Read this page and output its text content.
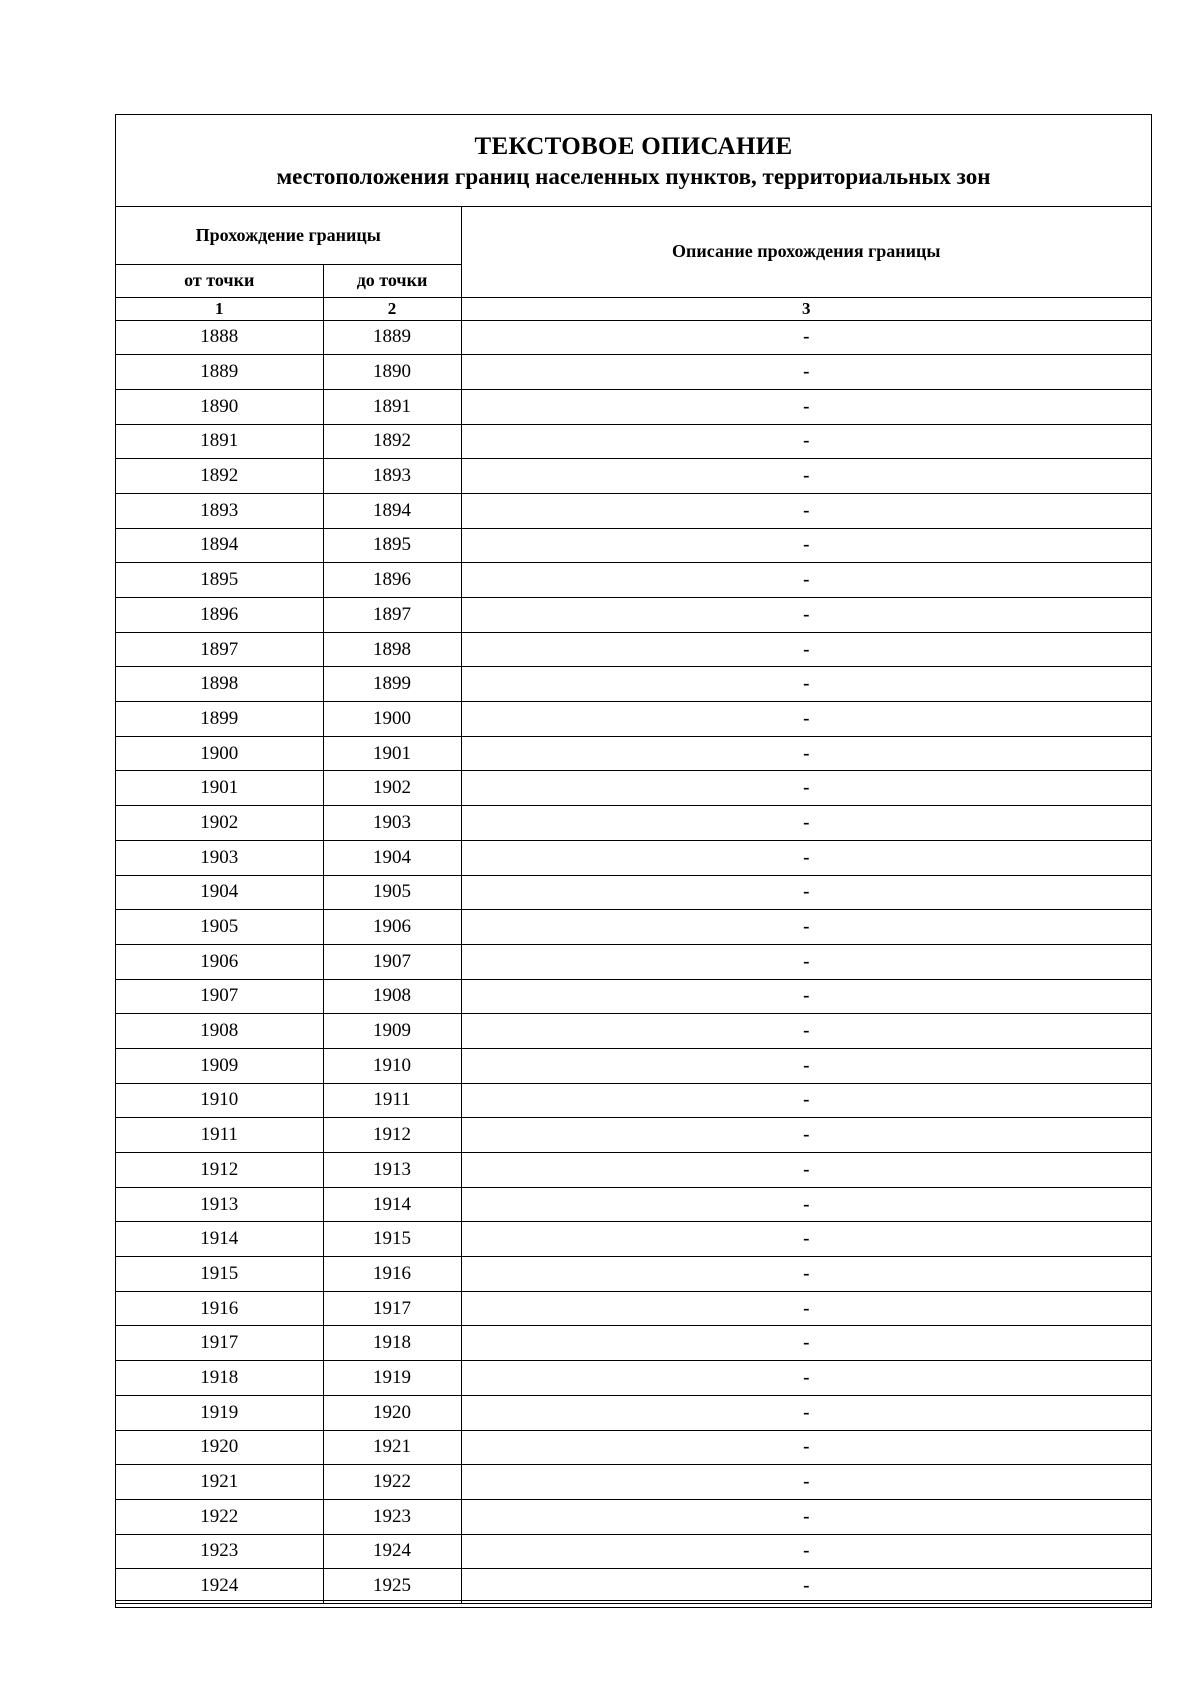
ТЕКСТОВОЕ ОПИСАНИЕ
местоположения границ населенных пунктов, территориальных зон
Прохождение границы		Описание прохождения границы
от точки	до точки	
1	2	3
1888	1889	-
1889	1890	-
1890	1891	-
1891	1892	-
1892	1893	-
1893	1894	-
1894	1895	-
1895	1896	-
1896	1897	-
1897	1898	-
1898	1899	-
1899	1900	-
1900	1901	-
1901	1902	-
1902	1903	-
1903	1904	-
1904	1905	-
1905	1906	-
1906	1907	-
1907	1908	-
1908	1909	-
1909	1910	-
1910	1911	-
1911	1912	-
1912	1913	-
1913	1914	-
1914	1915	-
1915	1916	-
1916	1917	-
1917	1918	-
1918	1919	-
1919	1920	-
1920	1921	-
1921	1922	-
1922	1923	-
1923	1924	-
1924	1925	-
